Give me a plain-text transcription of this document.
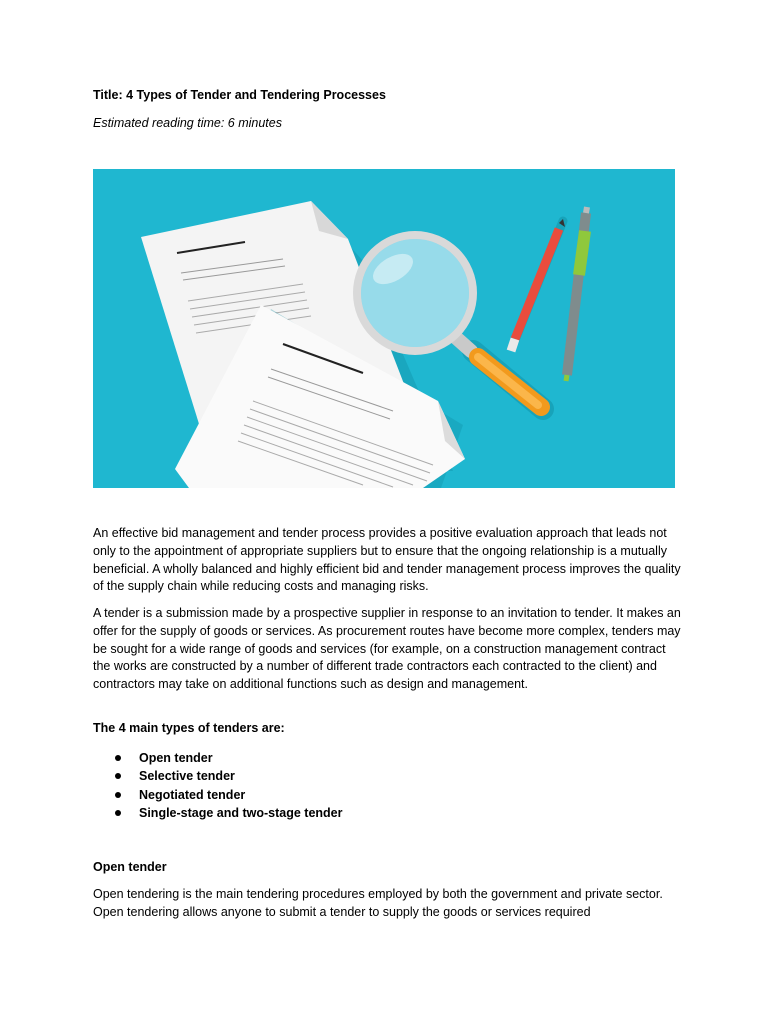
Title: 4 Types of Tender and Tendering Processes
Estimated reading time: 6 minutes

An effective bid management and tender process provides a positive evaluation approach that leads not only to the appointment of appropriate suppliers but to ensure that the ongoing relationship is a mutually beneficial. A wholly balanced and highly efficient bid and tender management process improves the quality of the supply chain while reducing costs and managing risks.

A tender is a submission made by a prospective supplier in response to an invitation to tender. It makes an offer for the supply of goods or services. As procurement routes have become more complex, tenders may be sought for a wide range of goods and services (for example, on a construction management contract the works are constructed by a number of different trade contractors each contracted to the client) and contractors may take on additional functions such as design and management.

The 4 main types of tenders are:
Open tender
Selective tender
Negotiated tender
Single-stage and two-stage tender
Open tender

Open tendering is the main tendering procedures employed by both the government and private sector. Open tendering allows anyone to submit a tender to supply the goods or services required
